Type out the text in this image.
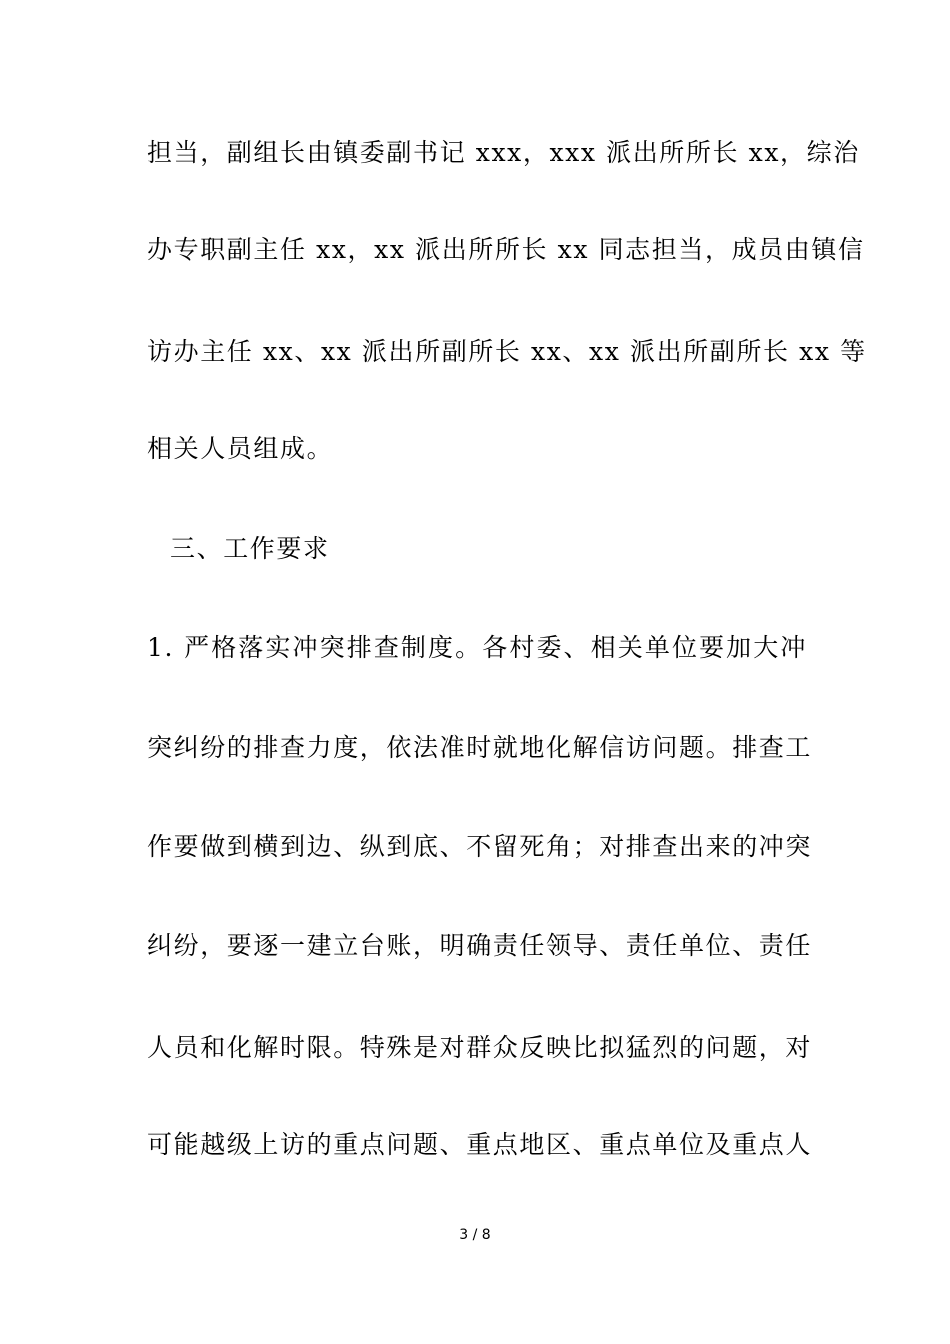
担当，副组长由镇委副书记 xxx，xxx 派出所所长 xx，综治
办专职副主任 xx，xx 派出所所长 xx 同志担当，成员由镇信
访办主任 xx、xx 派出所副所长 xx、xx 派出所副所长 xx 等
相关人员组成。
三、工作要求
1. 严格落实冲突排查制度。各村委、相关单位要加大冲
突纠纷的排查力度，依法准时就地化解信访问题。排查工
作要做到横到边、纵到底、不留死角；对排查出来的冲突
纠纷，要逐一建立台账，明确责任领导、责任单位、责任
人员和化解时限。特殊是对群众反映比拟猛烈的问题，对
可能越级上访的重点问题、重点地区、重点单位及重点人
3 / 8
